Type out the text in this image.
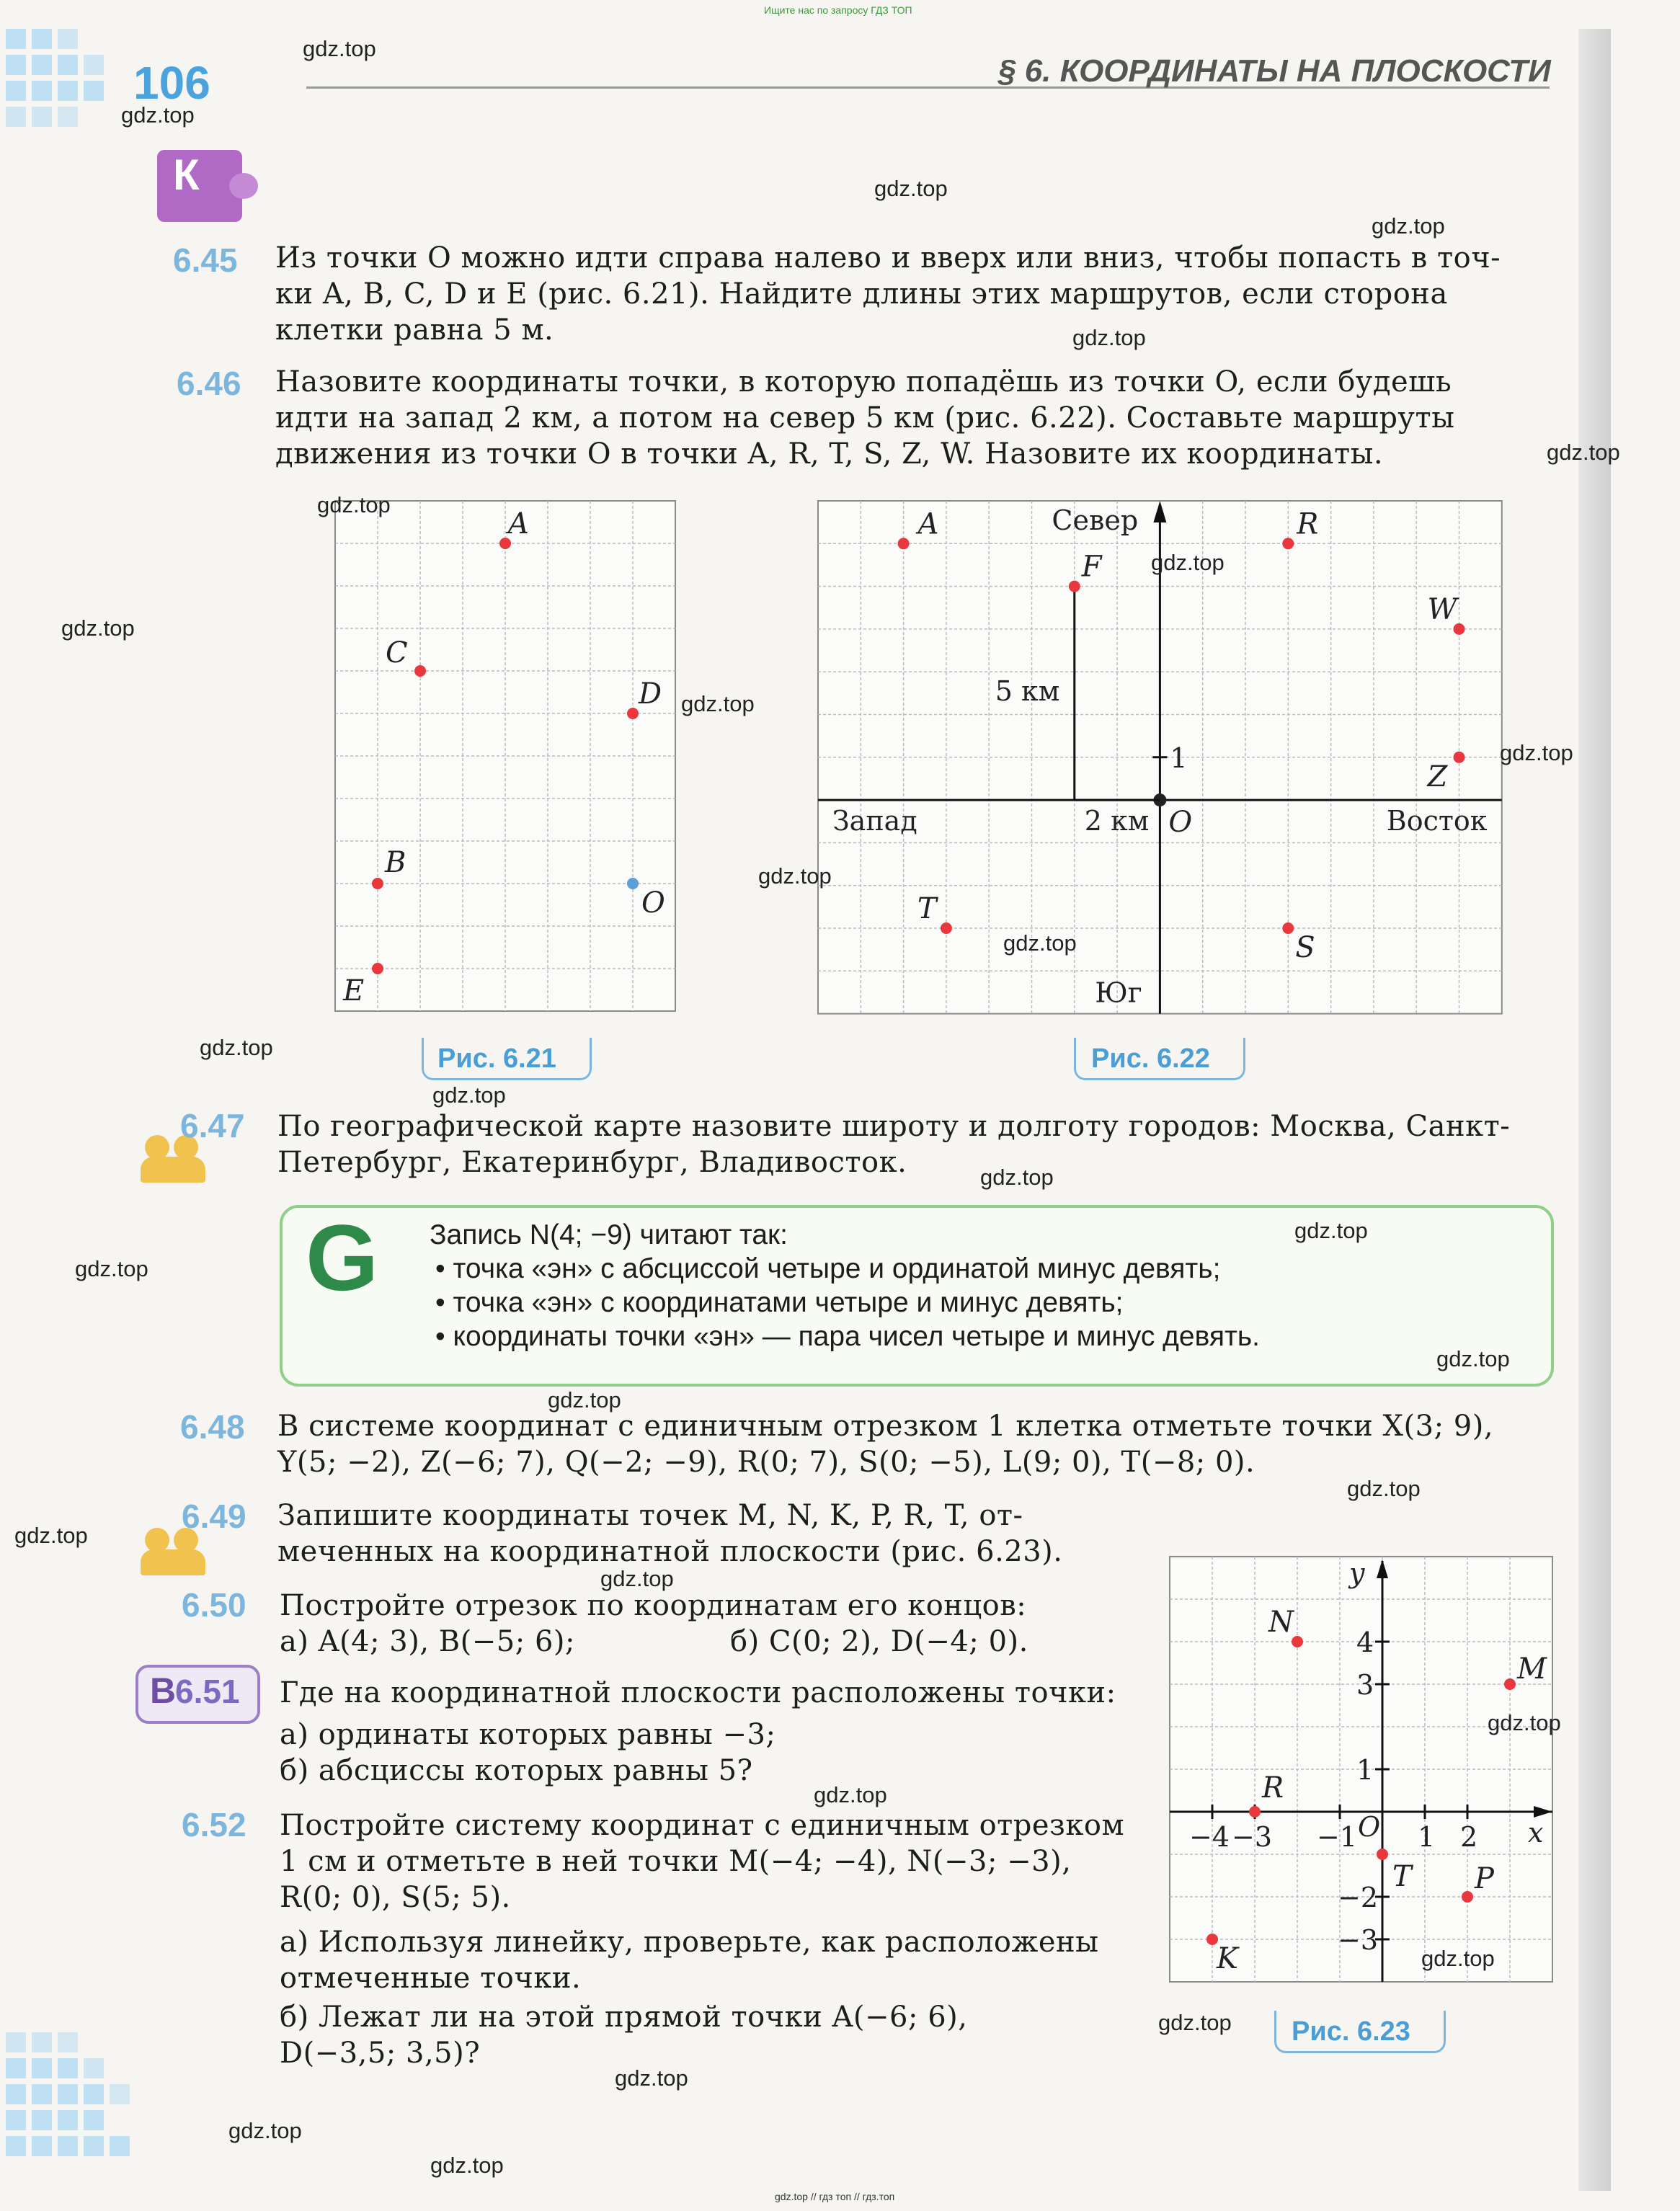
Ищите нас по запросу ГДЗ ТОП
106	§ 6. КООРДИНАТЫ НА ПЛОСКОСТИ
К
6.45 Из точки O можно идти справа налево и вверх или вниз, чтобы попасть в точ-
ки A, B, C, D и E (рис. 6.21). Найдите длины этих маршрутов, если сторона
клетки равна 5 м.
6.46 Назовите координаты точки, в которую попадёшь из точки O, если будешь
идти на запад 2 км, а потом на север 5 км (рис. 6.22). Составьте маршруты
движения из точки O в точки A, R, T, S, Z, W. Назовите их координаты.
A
C
D
B
O
E
Рис. 6.21
Север
Юг
Запад	Восток
5 км
2 км
1
O
A	R
F
W
Z
T
S
Рис. 6.22
6.47 По географической карте назовите широту и долготу городов: Москва, Санкт-
Петербург, Екатеринбург, Владивосток.
G Запись N(4; −9) читают так:
• точка «эн» с абсциссой четыре и ординатой минус девять;
• точка «эн» с координатами четыре и минус девять;
• координаты точки «эн» — пара чисел четыре и минус девять.
6.48 В системе координат с единичным отрезком 1 клетка отметьте точки X(3; 9),
Y(5; −2), Z(−6; 7), Q(−2; −9), R(0; 7), S(0; −5), L(9; 0), T(−8; 0).
6.49 Запишите координаты точек M, N, K, P, R, T, от-
меченных на координатной плоскости (рис. 6.23).
6.50 Постройте отрезок по координатам его концов:
а) A(4; 3), B(−5; 6);	б) C(0; 2), D(−4; 0).
В
6.51 Где на координатной плоскости расположены точки:
а) ординаты которых равны −3;
б) абсциссы которых равны 5?
6.52 Постройте систему координат с единичным отрезком
1 см и отметьте в ней точки M(−4; −4), N(−3; −3),
R(0; 0), S(5; 5).
а) Используя линейку, проверьте, как расположены
отмеченные точки.
б) Лежат ли на этой прямой точки A(−6; 6),
D(−3,5; 3,5)?
x
y
O
−4 −3 −1 1 2
4
3
1
−2
−3
N
M
R
T P
K
Рис. 6.23
gdz.top
gdz.top
gdz.top
gdz.top
gdz.top
gdz.top
gdz.top
gdz.top
gdz.top
gdz.top
gdz.top
gdz.top
gdz.top
gdz.top
gdz.top
gdz.top
gdz.top
gdz.top
gdz.top
gdz.top
gdz.top
gdz.top
gdz.top
gdz.top
gdz.top
gdz.top
gdz.top
gdz.top
gdz.top
gdz.top
gdz.top // гдз топ // гдз.топ
